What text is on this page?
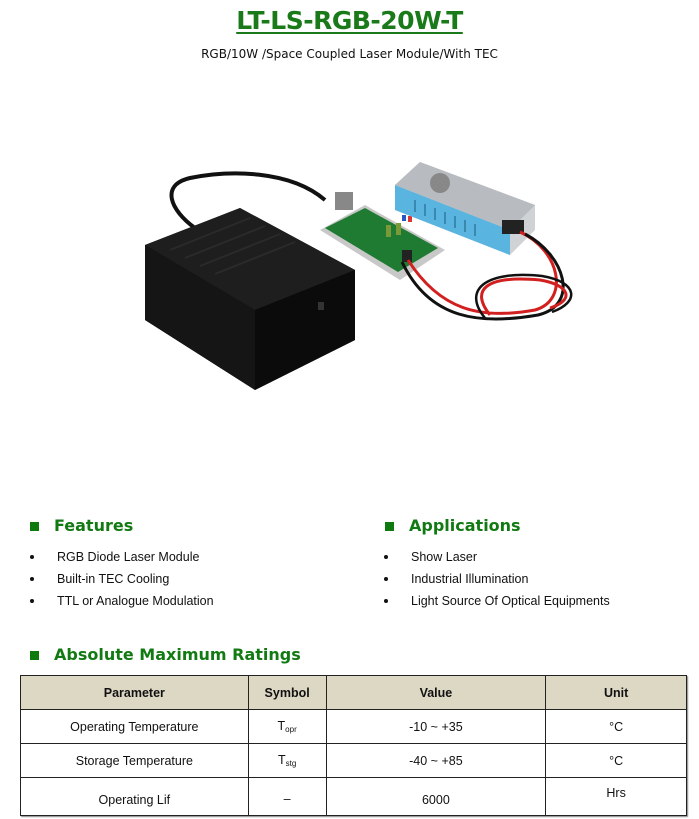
LT-LS-RGB-20W-T
RGB/10W /Space Coupled Laser Module/With TEC
Features
RGB Diode Laser Module
Built-in TEC Cooling
TTL or Analogue Modulation
Applications
Show Laser
Industrial Illumination
Light Source Of Optical Equipments
Absolute Maximum Ratings
Parameter	Symbol	Value	Unit
Operating Temperature	$T_{opr}$	-10 ~ +35	°C
Storage Temperature	$T_{stg}$	-40 ~ +85	°C
Operating Lif	–	6000	Hrs
